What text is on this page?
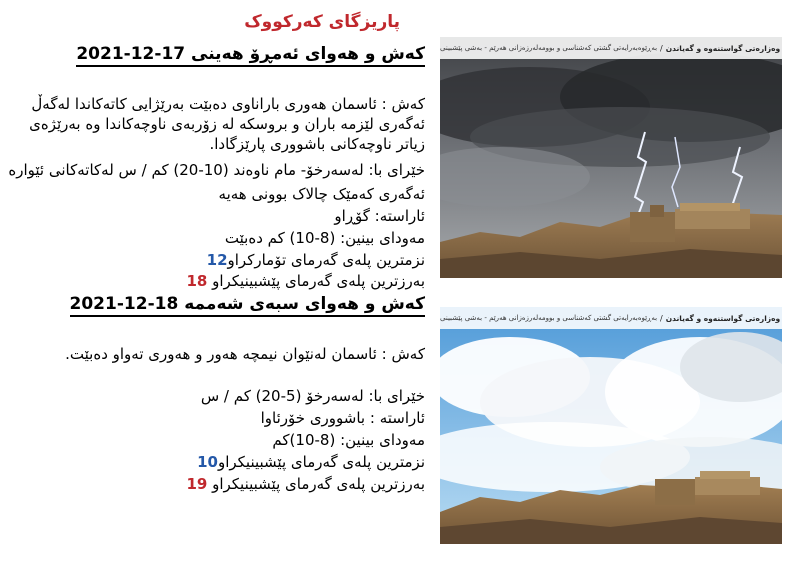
پاریزگای کەرکووک
کەش و هەوای ئەمڕۆ هەینی 17-12-2021
کەش : ئاسمان هەوری باراناوی دەبێت بەرێژایی کاتەکاندا لەگەڵ
ئەگەری لێزمە باران و بروسکە لە زۆربەی ناوچەکاندا وە بەرێژەی
زیاتر ناوچەکانی باشووری پارێزگادا.
خێرای با: لەسەرخۆ- مام ناوەند (10-20) کم / س لەکاتەکانی ئێوارە
ئەگەری کەمێک چالاک بوونی هەیە
ئاراستە: گۆڕاو
مەودای بینین: (8-10) کم دەبێت
نزمترین پلەی گەرمای تۆمارکراو12
بەرزترین پلەی گەرمای پێشبینیکراو 18
کەش و هەوای سبەی شەممە 18-12-2021
کەش : ئاسمان لەنێوان نیمچە هەور و هەوری تەواو دەبێت.
خێرای با: لەسەرخۆ (5-20) کم / س
ئاراستە : باشووری خۆرئاوا
مەودای بینین: (8-10)کم
نزمترین پلەی گەرمای پێشبینیکراو10
بەرزترین پلەی گەرمای پێشبینیکراو 19
وەزارەتی گواستنەوە و گەیاندن
/
بەڕێوەبەرایەتی گشتی کەشناسی و بوومەلەرزەزانی هەرێم - بەشی پێشبینی
وەزارەتی گواستنەوە و گەیاندن
/
بەڕێوەبەرایەتی گشتی کەشناسی و بوومەلەرزەزانی هەرێم - بەشی پێشبینی
